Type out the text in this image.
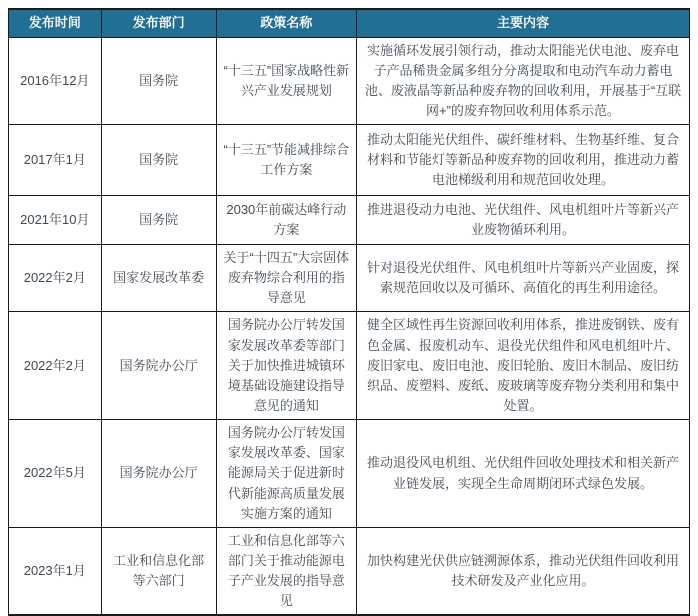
发布时间	发布部门	政策名称	主要内容
2016年12月	国务院	“十三五”国家战略性新兴产业发展规划	实施循环发展引领行动，推动太阳能光伏电池、废弃电子产品稀贵金属多组分分离提取和电动汽车动力蓄电池、废液晶等新品种废弃物的回收利用，开展基于“互联网+”的废弃物回收利用体系示范。
2017年1月	国务院	“十三五”节能减排综合工作方案	推动太阳能光伏组件、碳纤维材料、生物基纤维、复合材料和节能灯等新品种废弃物的回收利用，推进动力蓄电池梯级利用和规范回收处理。
2021年10月	国务院	2030年前碳达峰行动方案	推进退役动力电池、光伏组件、风电机组叶片等新兴产业废物循环利用。
2022年2月	国家发展改革委	关于“十四五”大宗固体废弃物综合利用的指导意见	针对退役光伏组件、风电机组叶片等新兴产业固废，探索规范回收以及可循环、高值化的再生利用途径。
2022年2月	国务院办公厅	国务院办公厅转发国家发展改革委等部门关于加快推进城镇环境基础设施建设指导意见的通知	健全区域性再生资源回收利用体系，推进废钢铁、废有色金属、报废机动车、退役光伏组件和风电机组叶片、废旧家电、废旧电池、废旧轮胎、废旧木制品、废旧纺织品、废塑料、废纸、废玻璃等废弃物分类利用和集中处置。
2022年5月	国务院办公厅	国务院办公厅转发国家发展改革委、国家能源局关于促进新时代新能源高质量发展实施方案的通知	推动退役风电机组、光伏组件回收处理技术和相关新产业链发展，实现全生命周期闭环式绿色发展。
2023年1月	工业和信息化部等六部门	工业和信息化部等六部门关于推动能源电子产业发展的指导意见	加快构建光伏供应链溯源体系，推动光伏组件回收利用技术研发及产业化应用。
